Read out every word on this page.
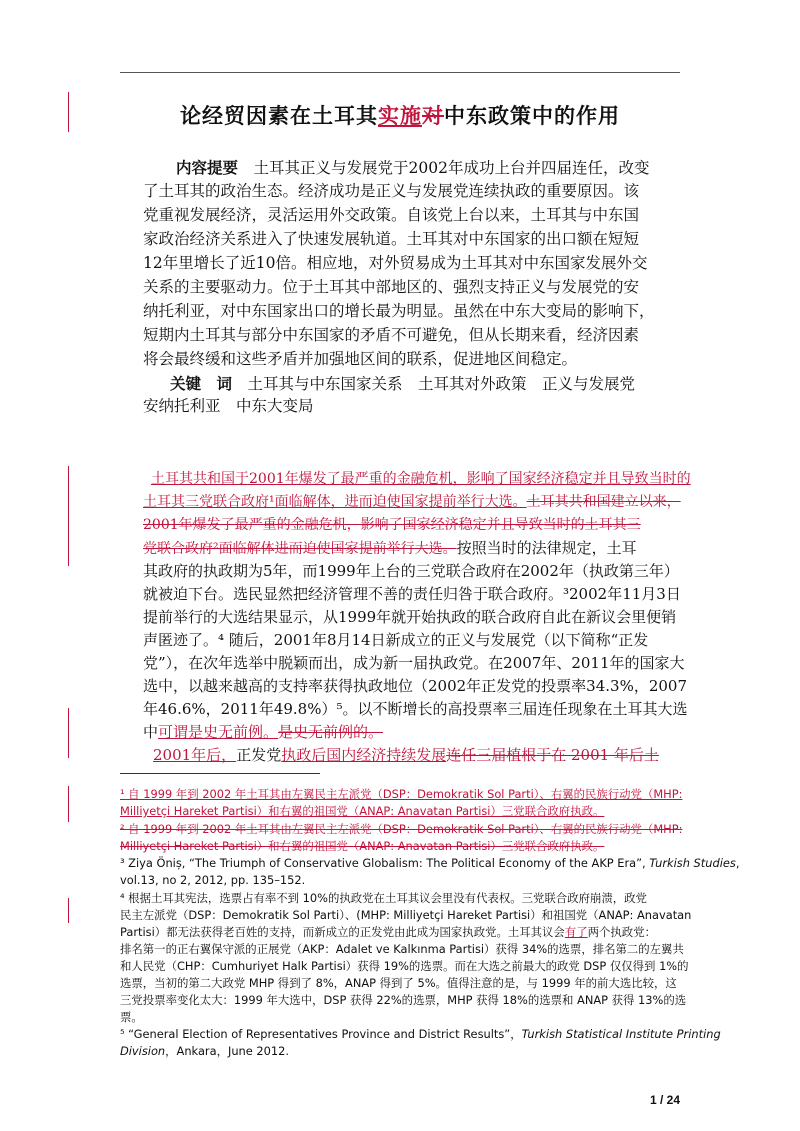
论经贸因素在土耳其实施对中东政策中的作用
内容提要　 土耳其正义与发展党于2002年成功上台并四届连任，改变
了土耳其的政治生态。经济成功是正义与发展党连续执政的重要原因。该
党重视发展经济，灵活运用外交政策。自该党上台以来，土耳其与中东国
家政治经济关系进入了快速发展轨道。土耳其对中东国家的出口额在短短
12年里增长了近10倍。相应地，对外贸易成为土耳其对中东国家发展外交
关系的主要驱动力。位于土耳其中部地区的、强烈支持正义与发展党的安
纳托利亚，对中东国家出口的增长最为明显。虽然在中东大变局的影响下，
短期内土耳其与部分中东国家的矛盾不可避免，但从长期来看，经济因素
将会最终缓和这些矛盾并加强地区间的联系，促进地区间稳定。
关键　词　 土耳其与中东国家关系　土耳其对外政策　正义与发展党
安纳托利亚　中东大变局
土耳其共和国于2001年爆发了最严重的金融危机，影响了国家经济稳定并且导致当时的
土耳其三党联合政府¹面临解体，进而迫使国家提前举行大选。土耳其共和国建立以来，
2001年爆发了最严重的金融危机，影响了国家经济稳定并且导致当时的土耳其三
党联合政府²面临解体进而迫使国家提前举行大选。按照当时的法律规定，土耳
其政府的执政期为5年，而1999年上台的三党联合政府在2002年（执政第三年）
就被迫下台。选民显然把经济管理不善的责任归咎于联合政府。³2002年11月3日
提前举行的大选结果显示，从1999年就开始执政的联合政府自此在新议会里便销
声匿迹了。⁴ 随后，2001年8月14日新成立的正义与发展党（以下简称“正发
党”），在次年选举中脱颖而出，成为新一届执政党。在2007年、2011年的国家大
选中，以越来越高的支持率获得执政地位（2002年正发党的投票率34.3%，2007
年46.6%，2011年49.8%）⁵。以不断增长的高投票率三届连任现象在土耳其大选
中可谓是史无前例。是史无前例的。
2001年后，正发党执政后国内经济持续发展连任三届植根于在 2001 年后土
¹ 自 1999 年到 2002 年土耳其由左翼民主左派党（DSP：Demokratik Sol Parti）、右翼的民族行动党（MHP:
Milliyetçi Hareket Partisi）和右翼的祖国党（ANAP: Anavatan Partisi）三党联合政府执政。
² 自 1999 年到 2002 年土耳其由左翼民主左派党（DSP：Demokratik Sol Parti）、右翼的民族行动党（MHP:
Milliyetçi Hareket Partisi）和右翼的祖国党（ANAP: Anavatan Partisi）三党联合政府执政。
³ Ziya Öniș, “The Triumph of Conservative Globalism: The Political Economy of the AKP Era”, Turkish Studies,
vol.13, no 2, 2012, pp. 135–152.
⁴ 根据土耳其宪法，选票占有率不到 10%的执政党在土耳其议会里没有代表权。三党联合政府崩溃，政党
民主左派党（DSP：Demokratik Sol Parti）、(MHP: Milliyetçi Hareket Partisi）和祖国党（ANAP: Anavatan
Partisi）都无法获得老百姓的支持，而新成立的正发党由此成为国家执政党。土耳其议会有了两个执政党：
排名第一的正右翼保守派的正展党（AKP：Adalet ve Kalkınma Partisi）获得 34%的选票，排名第二的左翼共
和人民党（CHP：Cumhuriyet Halk Partisi）获得 19%的选票。而在大选之前最大的政党 DSP 仅仅得到 1%的
选票，当初的第二大政党 MHP 得到了 8%，ANAP 得到了 5%。值得注意的是，与 1999 年的前大选比较，这
三党投票率变化太大：1999 年大选中，DSP 获得 22%的选票，MHP 获得 18%的选票和 ANAP 获得 13%的选
票。
⁵ “General Election of Representatives Province and District Results”，Turkish Statistical Institute Printing
Division，Ankara，June 2012.
1 / 24
